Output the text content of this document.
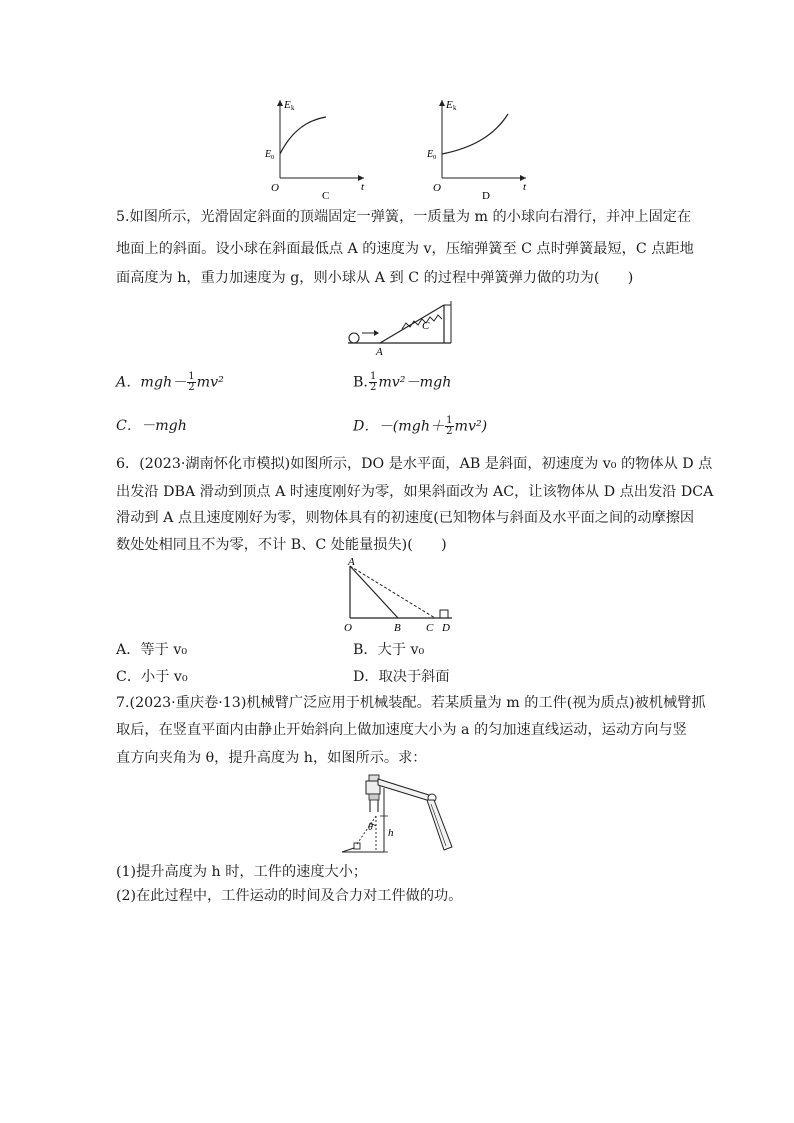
E k
E 0
O	t
C
E k
E 0
O	t
D
5.如图所示，光滑固定斜面的顶端固定一弹簧，一质量为 m 的小球向右滑行，并冲上固定在
地面上的斜面。设小球在斜面最低点 A 的速度为 v，压缩弹簧至 C 点时弹簧最短，C 点距地
面高度为 h，重力加速度为 g，则小球从 A 到 C 的过程中弹簧弹力做的功为(　　)
A
C
A．$mgh- \frac{1}{2} mv^2$	B. $\frac{1}{2} mv^2-mgh$
C．－mgh	D．$-(mgh+ \frac{1}{2} mv^2)$
6．(2023·湖南怀化市模拟)如图所示，DO 是水平面，AB 是斜面，初速度为 v₀ 的物体从 D 点
出发沿 DBA 滑动到顶点 A 时速度刚好为零，如果斜面改为 AC，让该物体从 D 点出发沿 DCA
滑动到 A 点且速度刚好为零，则物体具有的初速度(已知物体与斜面及水平面之间的动摩擦因
数处处相同且不为零，不计 B、C 处能量损失)(　　)
A
O	B C D
A．等于 v₀	B．大于 v₀
C．小于 v₀	D．取决于斜面
7.(2023·重庆卷·13)机械臂广泛应用于机械装配。若某质量为 m 的工件(视为质点)被机械臂抓
取后，在竖直平面内由静止开始斜向上做加速度大小为 a 的匀加速直线运动，运动方向与竖
直方向夹角为 θ，提升高度为 h，如图所示。求：
θ h
(1)提升高度为 h 时，工件的速度大小；
(2)在此过程中，工件运动的时间及合力对工件做的功。
